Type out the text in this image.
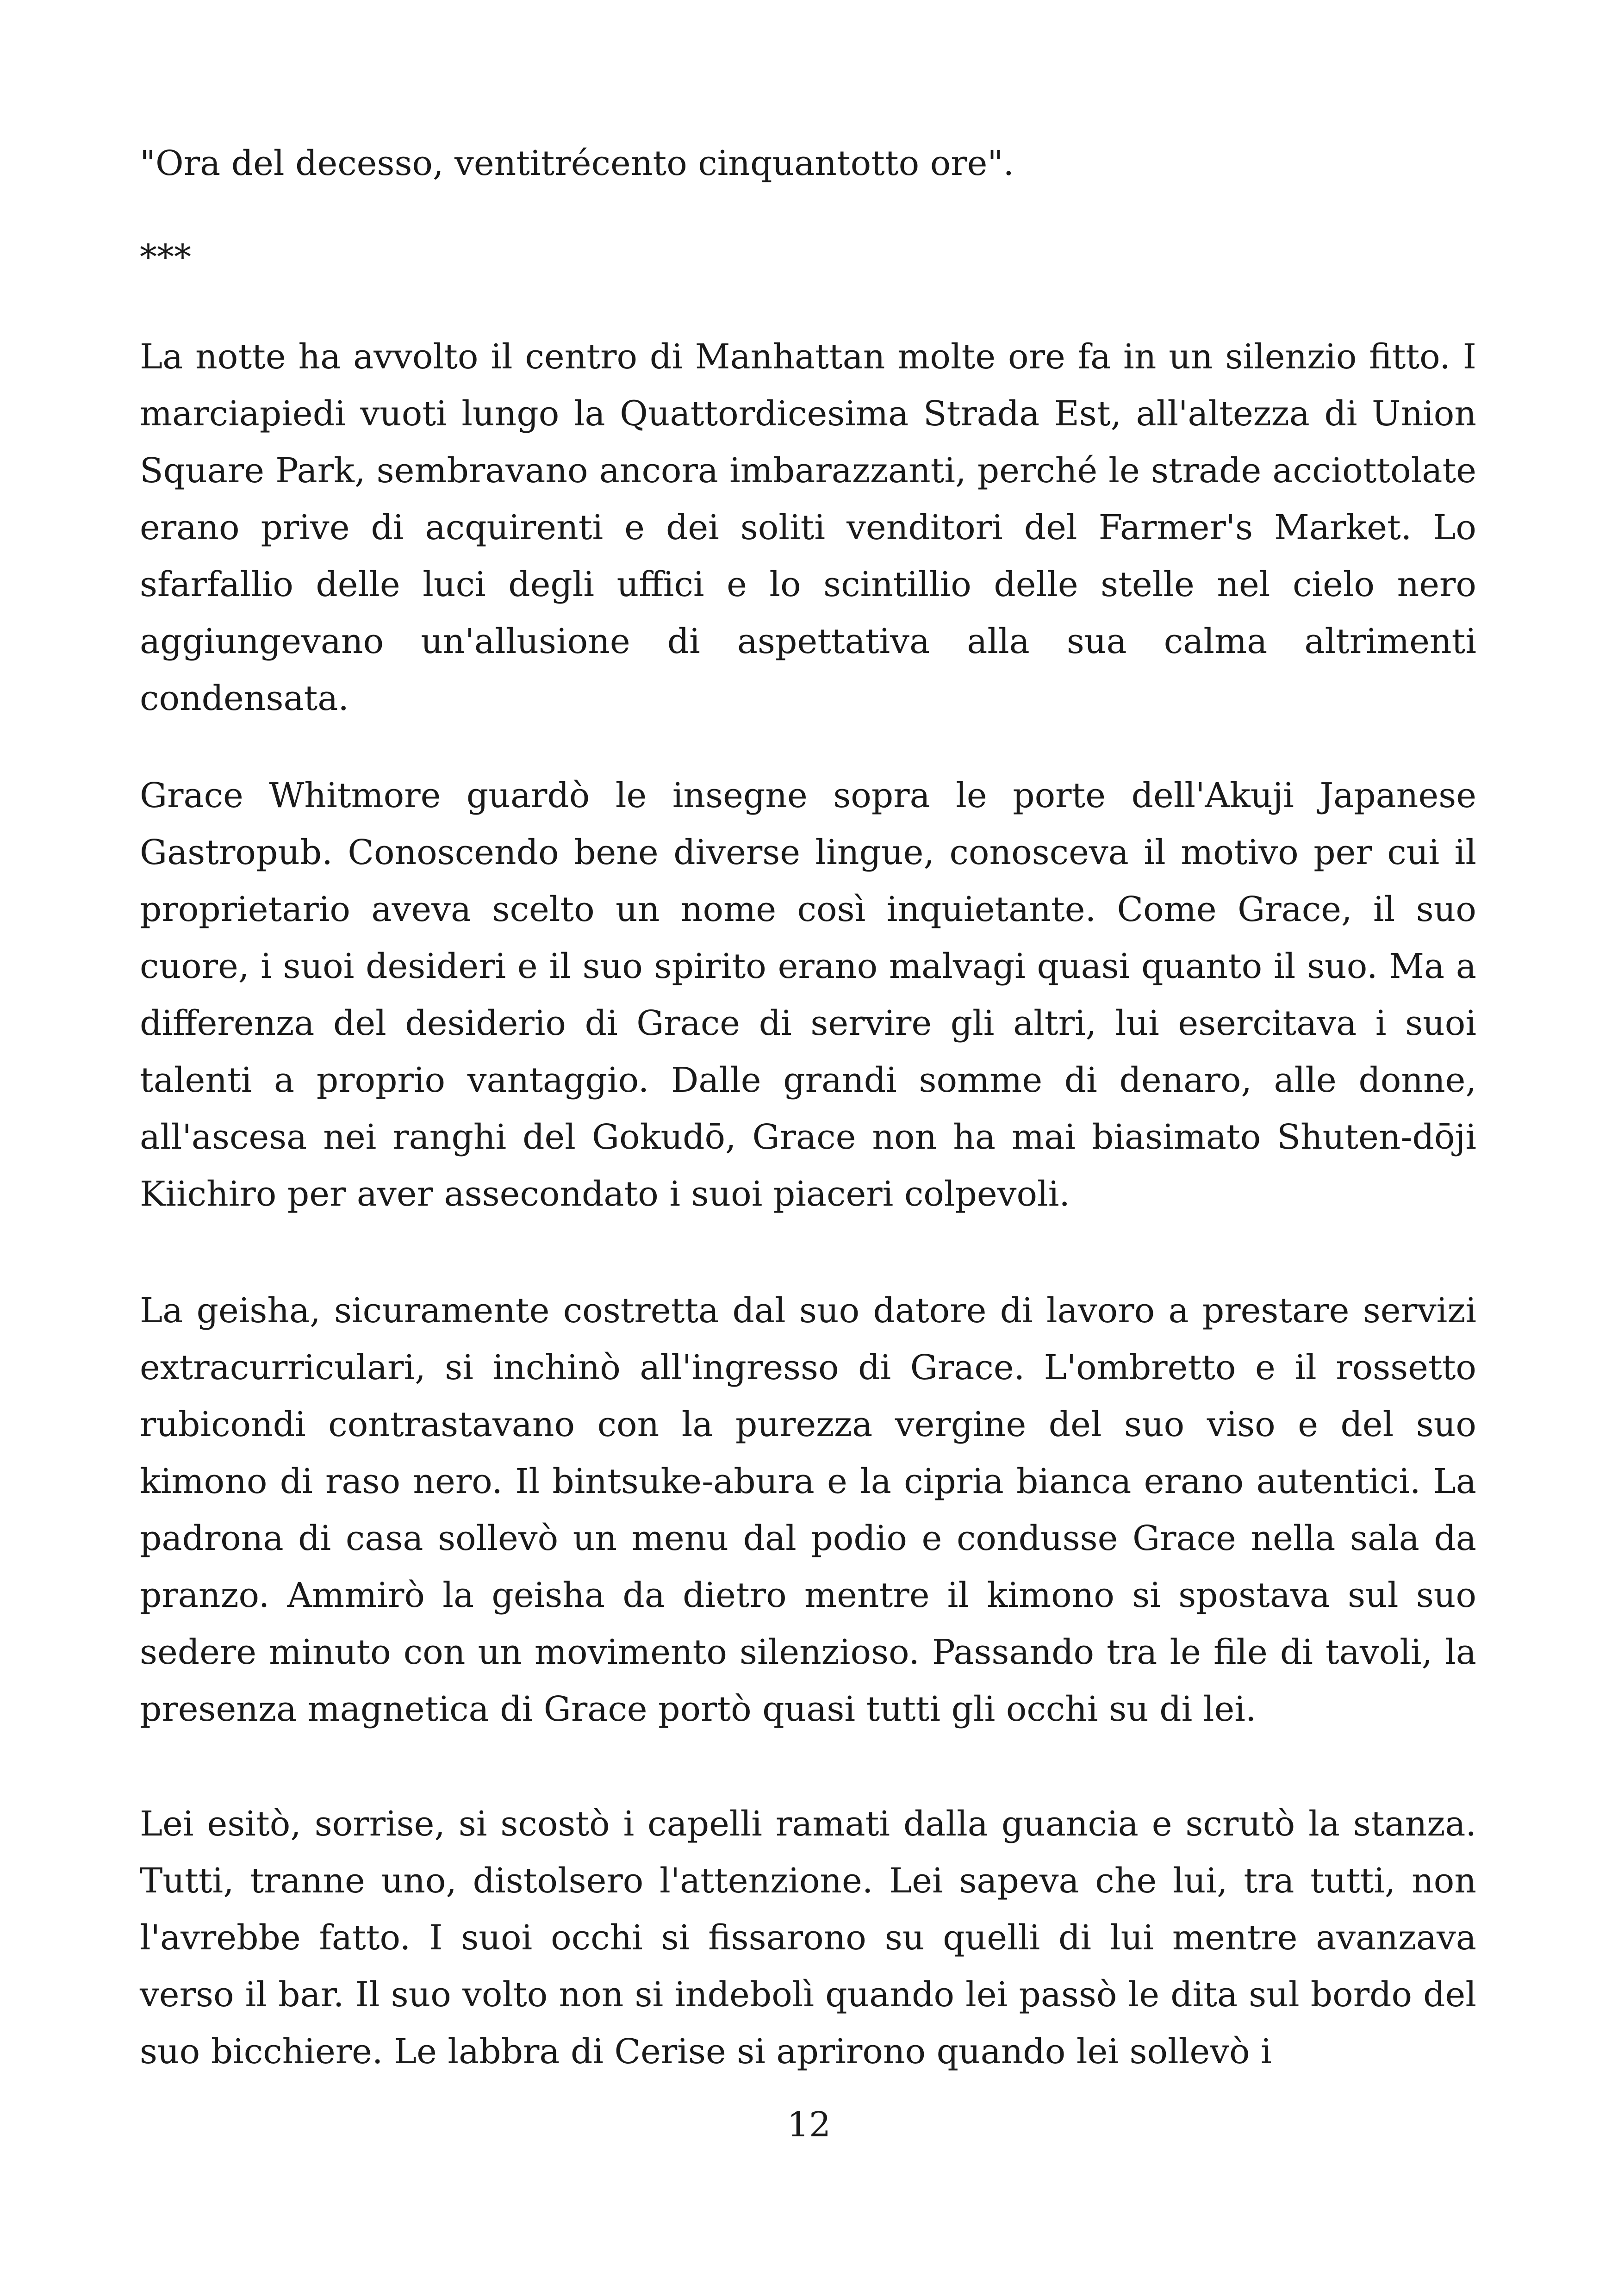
"Ora del decesso, ventitrécento cinquantotto ore".

***

La notte ha avvolto il centro di Manhattan molte ore fa in un silenzio fitto. I marciapiedi vuoti lungo la Quattordicesima Strada Est, all'altezza di Union Square Park, sembravano ancora imbarazzanti, perché le strade acciottolate erano prive di acquirenti e dei soliti venditori del Farmer's Market. Lo sfarfallio delle luci degli uffici e lo scintillio delle stelle nel cielo nero aggiungevano un'allusione di aspettativa alla sua calma altrimenti condensata.

Grace Whitmore guardò le insegne sopra le porte dell'Akuji Japanese Gastropub. Conoscendo bene diverse lingue, conosceva il motivo per cui il proprietario aveva scelto un nome così inquietante. Come Grace, il suo cuore, i suoi desideri e il suo spirito erano malvagi quasi quanto il suo. Ma a differenza del desiderio di Grace di servire gli altri, lui esercitava i suoi talenti a proprio vantaggio. Dalle grandi somme di denaro, alle donne, all'ascesa nei ranghi del Gokudō, Grace non ha mai biasimato Shuten-dōji Kiichiro per aver assecondato i suoi piaceri colpevoli.

La geisha, sicuramente costretta dal suo datore di lavoro a prestare servizi extracurriculari, si inchinò all'ingresso di Grace. L'ombretto e il rossetto rubicondi contrastavano con la purezza vergine del suo viso e del suo kimono di raso nero. Il bintsuke-abura e la cipria bianca erano autentici. La padrona di casa sollevò un menu dal podio e condusse Grace nella sala da pranzo. Ammirò la geisha da dietro mentre il kimono si spostava sul suo sedere minuto con un movimento silenzioso. Passando tra le file di tavoli, la presenza magnetica di Grace portò quasi tutti gli occhi su di lei.

Lei esitò, sorrise, si scostò i capelli ramati dalla guancia e scrutò la stanza. Tutti, tranne uno, distolsero l'attenzione. Lei sapeva che lui, tra tutti, non l'avrebbe fatto. I suoi occhi si fissarono su quelli di lui mentre avanzava verso il bar. Il suo volto non si indebolì quando lei passò le dita sul bordo del suo bicchiere. Le labbra di Cerise si aprirono quando lei sollevò i

12
